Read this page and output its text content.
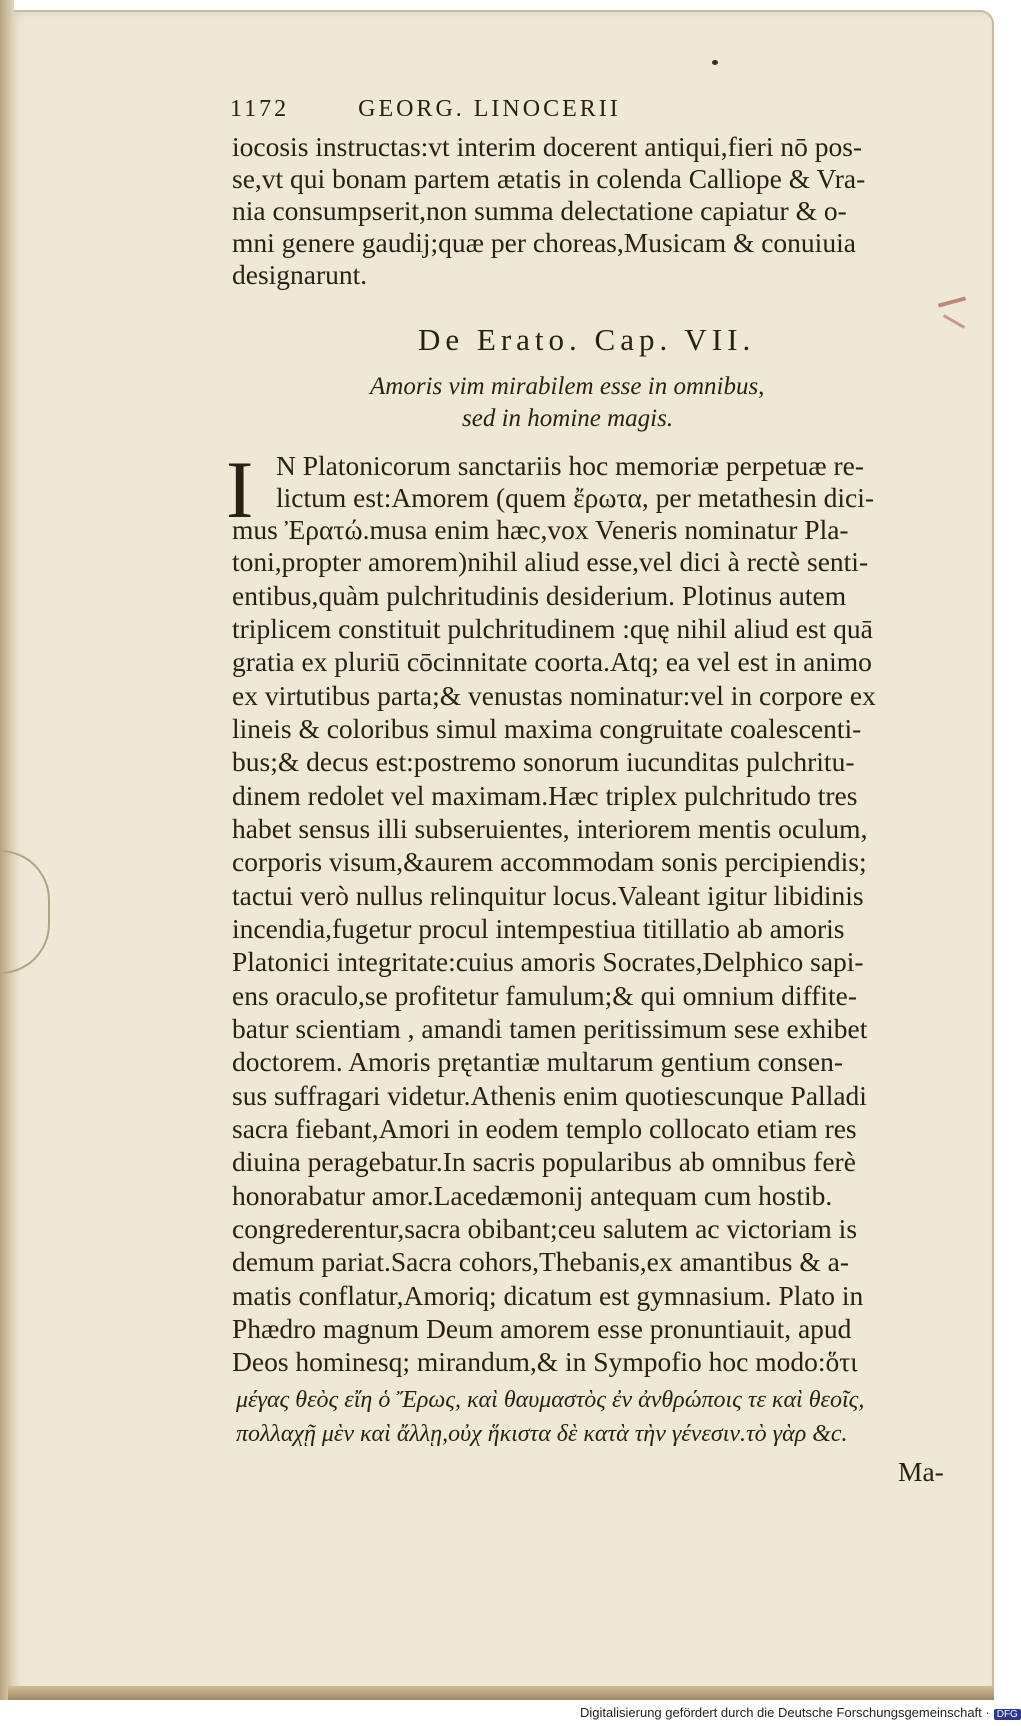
1172	GEORG. LINOCERII
iocosis instructas:vt interim docerent antiqui,fieri nō pos-
se,vt qui bonam partem ætatis in colenda Calliope & Vra-
nia consumpserit,non summa delectatione capiatur & o-
mni genere gaudij;quæ per choreas,Musicam & conuiuia
designarunt.
De Erato. Cap. VII.
Amoris vim mirabilem esse in omnibus,
sed in homine magis.
I N Platonicorum sanctariis hoc memoriæ perpetuæ re-
lictum est:Amorem (quem ἔρωτα, per metathesin dici-
mus Ἐρατώ.musa enim hæc,vox Veneris nominatur Pla-
toni,propter amorem)nihil aliud esse,vel dici à rectè senti-
entibus,quàm pulchritudinis desiderium. Plotinus autem
triplicem constituit pulchritudinem :quę nihil aliud est quā
gratia ex pluriū cōcinnitate coorta.Atq; ea vel est in animo
ex virtutibus parta;& venustas nominatur:vel in corpore ex
lineis & coloribus simul maxima congruitate coalescenti-
bus;& decus est:postremo sonorum iucunditas pulchritu-
dinem redolet vel maximam.Hæc triplex pulchritudo tres
habet sensus illi subseruientes, interiorem mentis oculum,
corporis visum,&aurem accommodam sonis percipiendis;
tactui verò nullus relinquitur locus.Valeant igitur libidinis
incendia,fugetur procul intempestiua titillatio ab amoris
Platonici integritate:cuius amoris Socrates,Delphico sapi-
ens oraculo,se profitetur famulum;& qui omnium diffite-
batur scientiam , amandi tamen peritissimum sese exhibet
doctorem. Amoris prętantiæ multarum gentium consen-
sus suffragari videtur.Athenis enim quotiescunque Palladi
sacra fiebant,Amori in eodem templo collocato etiam res
diuina peragebatur.In sacris popularibus ab omnibus ferè
honorabatur amor.Lacedæmonij antequam cum hostib.
congrederentur,sacra obibant;ceu salutem ac victoriam is
demum pariat.Sacra cohors,Thebanis,ex amantibus & a-
matis conflatur,Amoriq; dicatum est gymnasium. Plato in
Phædro magnum Deum amorem esse pronuntiauit, apud
Deos hominesq; mirandum,& in Sympofio hoc modo:ὅτι
μέγας θεὸς εἴη ὁ Ἔρως, καὶ θαυμαστὸς ἐν ἀνθρώποις τε καὶ θεοῖς,
πολλαχῇ μὲν καὶ ἄλλῃ,οὐχ ἥκιστα δὲ κατὰ τὴν γένεσιν.τὸ γὰρ &c.
Ma-
Digitalisierung gefördert durch die Deutsche Forschungsgemeinschaft · DFG
